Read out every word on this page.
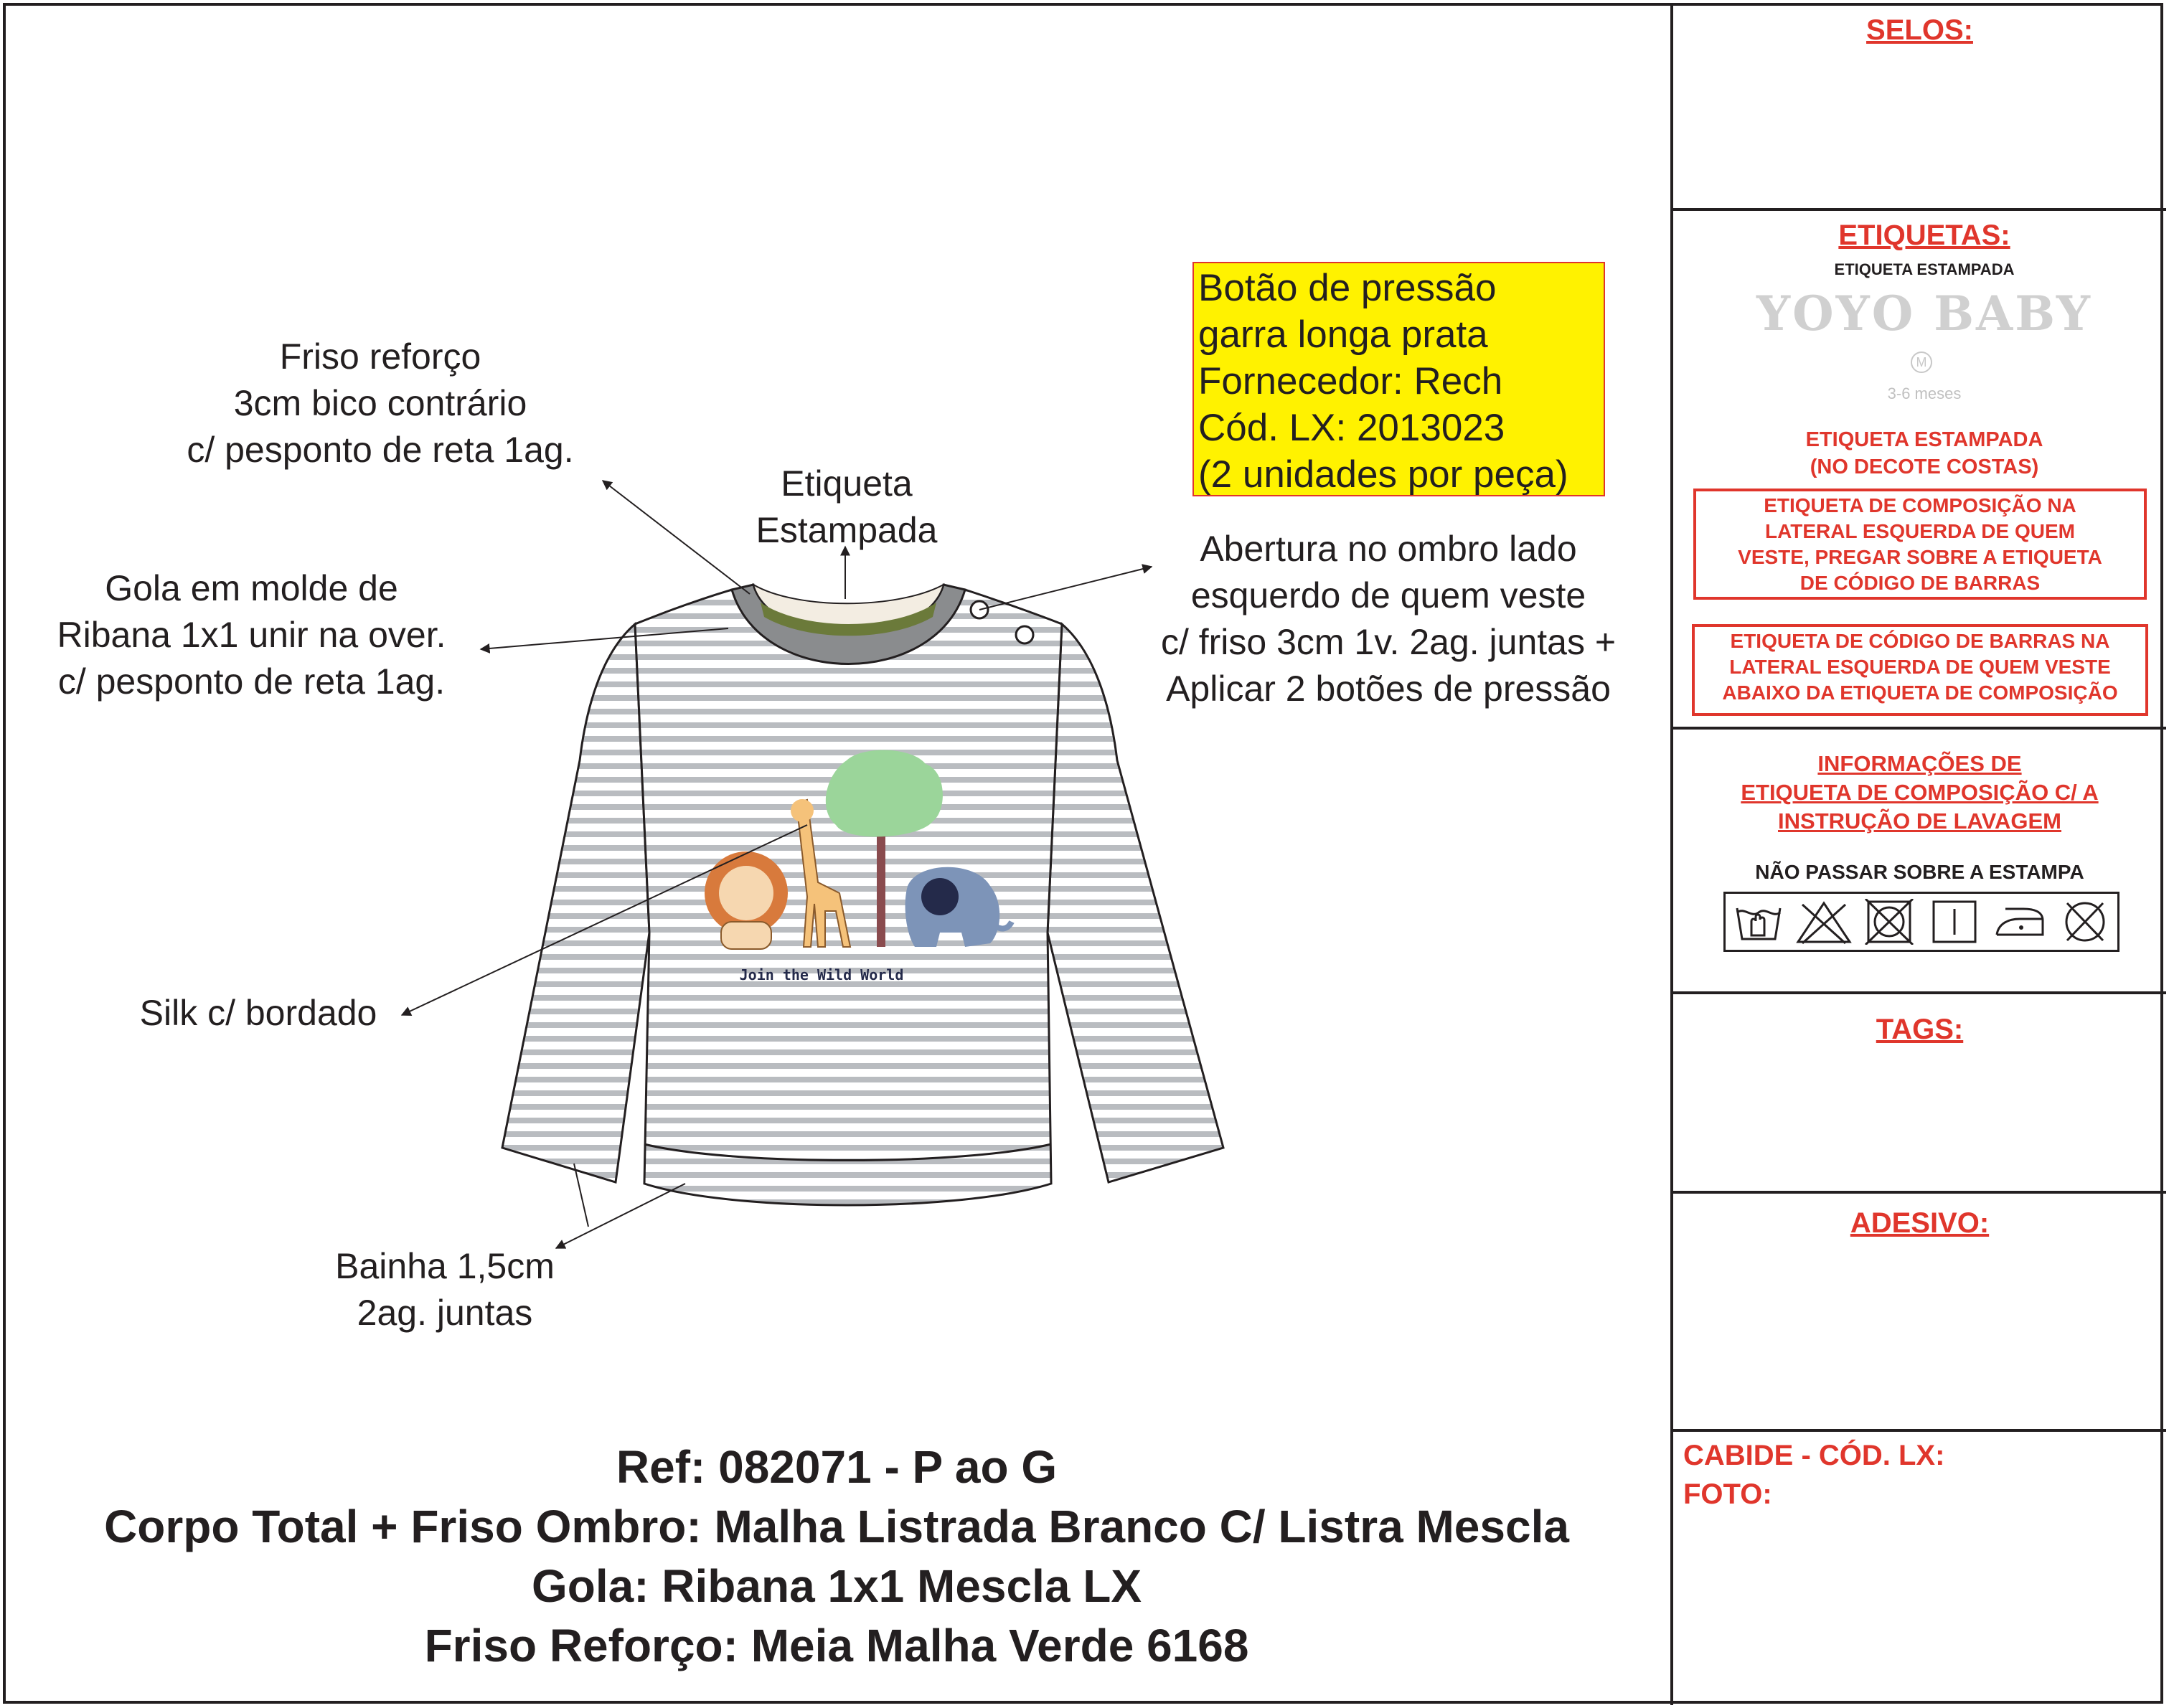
Join the Wild World
Friso reforço
3cm bico contrário
c/ pesponto de reta 1ag.
Etiqueta
Estampada
Gola em molde de
Ribana 1x1 unir na over.
c/ pesponto de reta 1ag.
Abertura no ombro lado
esquerdo de quem veste
c/ friso 3cm 1v. 2ag. juntas +
Aplicar 2 botões de pressão
Silk c/ bordado
Bainha 1,5cm
2ag. juntas
Botão de pressão
garra longa prata
Fornecedor: Rech
Cód. LX: 2013023
(2 unidades por peça)
Ref: 082071 - P ao G
Corpo Total + Friso Ombro: Malha Listrada Branco C/ Listra Mescla
Gola: Ribana 1x1 Mescla LX
Friso Reforço: Meia Malha Verde 6168
SELOS:
ETIQUETAS:
ETIQUETA ESTAMPADA
YOYO BABY
M
3-6 meses
ETIQUETA ESTAMPADA
(NO DECOTE COSTAS)
ETIQUETA DE COMPOSIÇÃO NA
LATERAL ESQUERDA DE QUEM
VESTE, PREGAR SOBRE A ETIQUETA
DE CÓDIGO DE BARRAS
ETIQUETA DE CÓDIGO DE BARRAS NA
LATERAL ESQUERDA DE QUEM VESTE
ABAIXO DA ETIQUETA DE COMPOSIÇÃO
INFORMAÇÕES DE
ETIQUETA DE COMPOSIÇÃO C/ A
INSTRUÇÃO DE LAVAGEM
NÃO PASSAR SOBRE A ESTAMPA
TAGS:
ADESIVO:
CABIDE - CÓD. LX:
FOTO:
